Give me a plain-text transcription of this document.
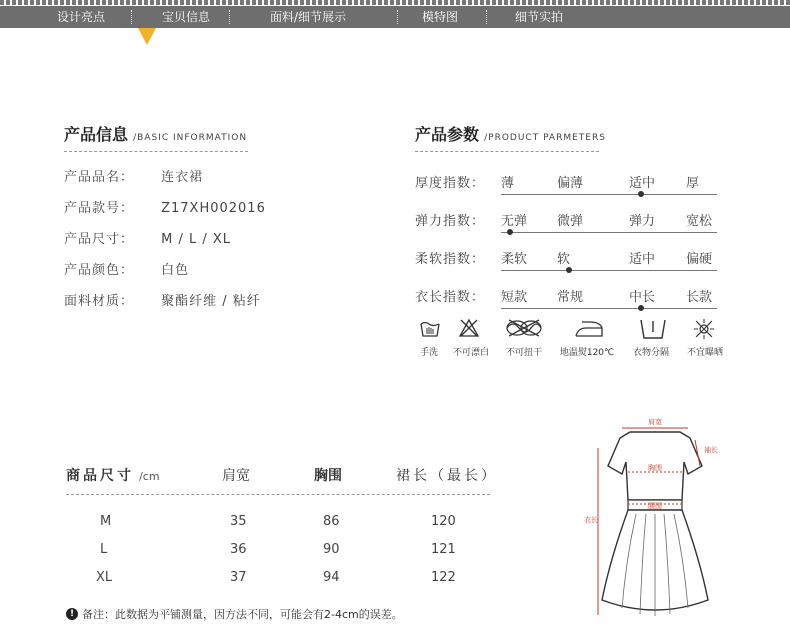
设计亮点	宝贝信息	面料/细节展示	模特图	细节实拍
产品信息 /BASIC INFORMATION
产品品名： 连衣裙
产品款号： Z17XH002016
产品尺寸： M / L / XL
产品颜色： 白色
面料材质： 聚酯纤维 / 粘纤
产品参数 /PRODUCT PARMETERS
厚度指数： 薄	偏薄	适中 厚
弹力指数： 无弹 微弹	弹力 宽松
柔软指数： 柔软 软	适中 偏硬
衣长指数： 短款 常规	中长 长款
手洗	不可漂白	不可扭干	地温熨120℃	衣物分隔	不宜曝晒
商品尺寸 /cm	肩宽	胸围	裙长（最长）
M	35	86	120
L	36	90	121
XL	37	94	122
! 备注：此数据为平铺测量，因方法不同，可能会有2-4cm的误差。
肩宽
袖长
胸围
腰围
衣长
